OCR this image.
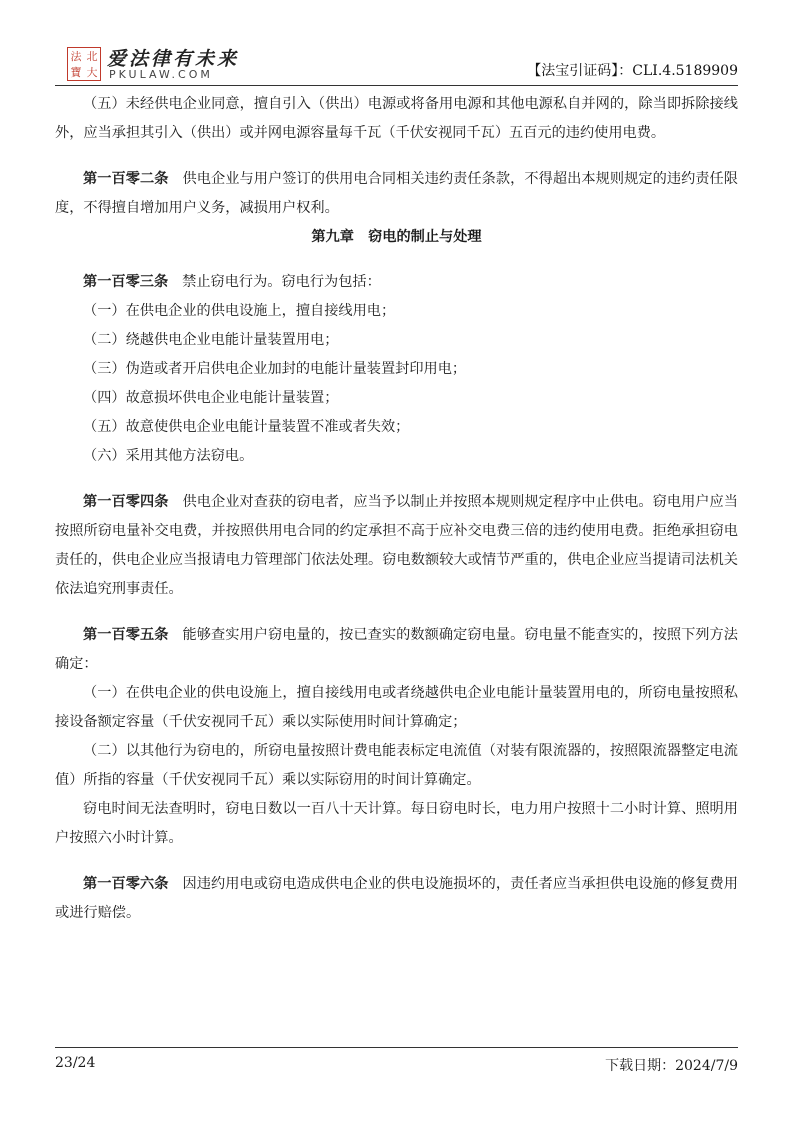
法 北
寶 大
爱法律有未来
PKULAW.COM	【法宝引证码】：CLI.4.5189909

（五）未经供电企业同意，擅自引入（供出）电源或将备用电源和其他电源私自并网的，除当即拆除接线外，应当承担其引入（供出）或并网电源容量每千瓦（千伏安视同千瓦）五百元的违约使用电费。

第一百零二条 供电企业与用户签订的供用电合同相关违约责任条款，不得超出本规则规定的违约责任限度，不得擅自增加用户义务，减损用户权利。

第九章　窃电的制止与处理

第一百零三条 禁止窃电行为。窃电行为包括：

（一）在供电企业的供电设施上，擅自接线用电；

（二）绕越供电企业电能计量装置用电；

（三）伪造或者开启供电企业加封的电能计量装置封印用电；

（四）故意损坏供电企业电能计量装置；

（五）故意使供电企业电能计量装置不准或者失效；

（六）采用其他方法窃电。

第一百零四条 供电企业对查获的窃电者，应当予以制止并按照本规则规定程序中止供电。窃电用户应当按照所窃电量补交电费，并按照供用电合同的约定承担不高于应补交电费三倍的违约使用电费。拒绝承担窃电责任的，供电企业应当报请电力管理部门依法处理。窃电数额较大或情节严重的，供电企业应当提请司法机关依法追究刑事责任。

第一百零五条 能够查实用户窃电量的，按已查实的数额确定窃电量。窃电量不能查实的，按照下列方法确定：

（一）在供电企业的供电设施上，擅自接线用电或者绕越供电企业电能计量装置用电的，所窃电量按照私接设备额定容量（千伏安视同千瓦）乘以实际使用时间计算确定；

（二）以其他行为窃电的，所窃电量按照计费电能表标定电流值（对装有限流器的，按照限流器整定电流值）所指的容量（千伏安视同千瓦）乘以实际窃用的时间计算确定。

窃电时间无法查明时，窃电日数以一百八十天计算。每日窃电时长，电力用户按照十二小时计算、照明用户按照六小时计算。

第一百零六条 因违约用电或窃电造成供电企业的供电设施损坏的，责任者应当承担供电设施的修复费用或进行赔偿。

23/24	下载日期：2024/7/9
